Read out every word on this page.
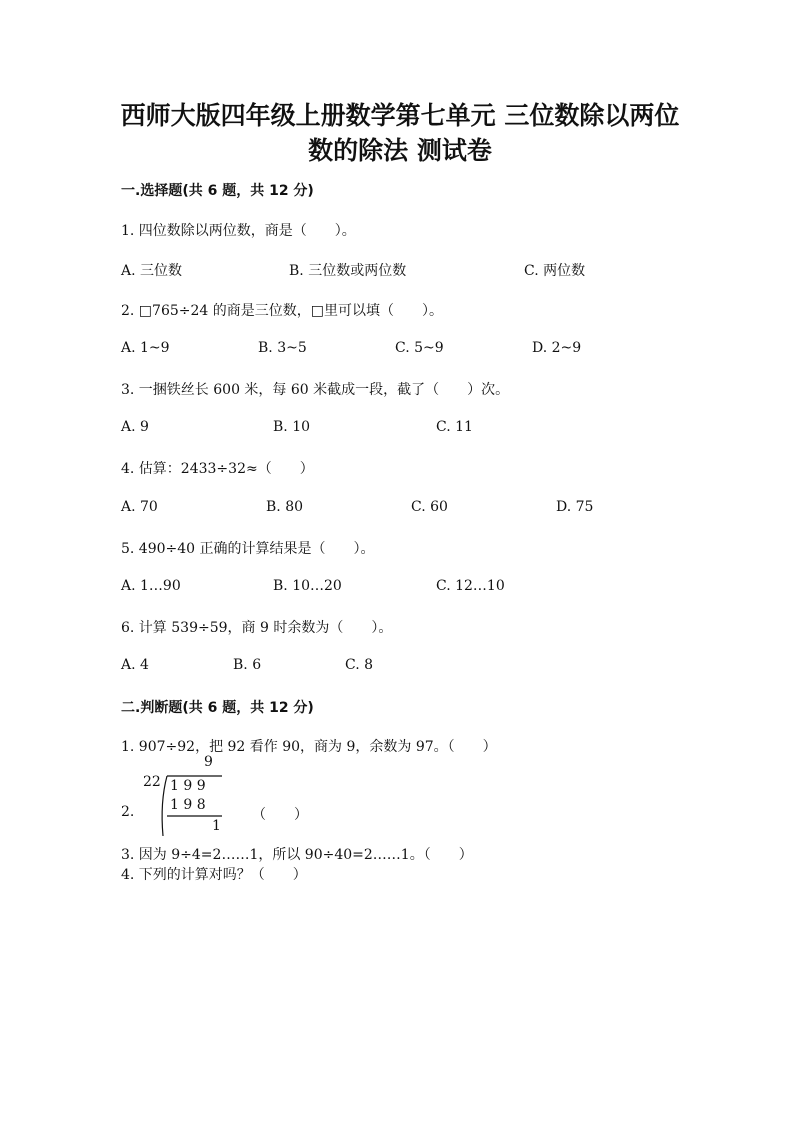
西师大版四年级上册数学第七单元 三位数除以两位
数的除法 测试卷
一.选择题(共 6 题，共 12 分)
1. 四位数除以两位数，商是（　　）。
A. 三位数	B. 三位数或两位数	C. 两位数
2. □765÷24 的商是三位数，□里可以填（　　）。
A. 1~9	B. 3~5	C. 5~9	D. 2~9
3. 一捆铁丝长 600 米，每 60 米截成一段，截了（　　）次。
A. 9	B. 10	C. 11
4. 估算：2433÷32≈（　　）
A. 70	B. 80	C. 60	D. 75
5. 490÷40 正确的计算结果是（　　）。
A. 1…90	B. 10…20	C. 12…10
6. 计算 539÷59，商 9 时余数为（　　）。
A. 4	B. 6	C. 8
二.判断题(共 6 题，共 12 分)
1. 907÷92，把 92 看作 90，商为 9，余数为 97。（　　）
2.
9
22 1 9 9
1 9 8
1
（　　）
3. 因为 9÷4=2……1，所以 90÷40=2……1。（　　）
4. 下列的计算对吗？（　　）
